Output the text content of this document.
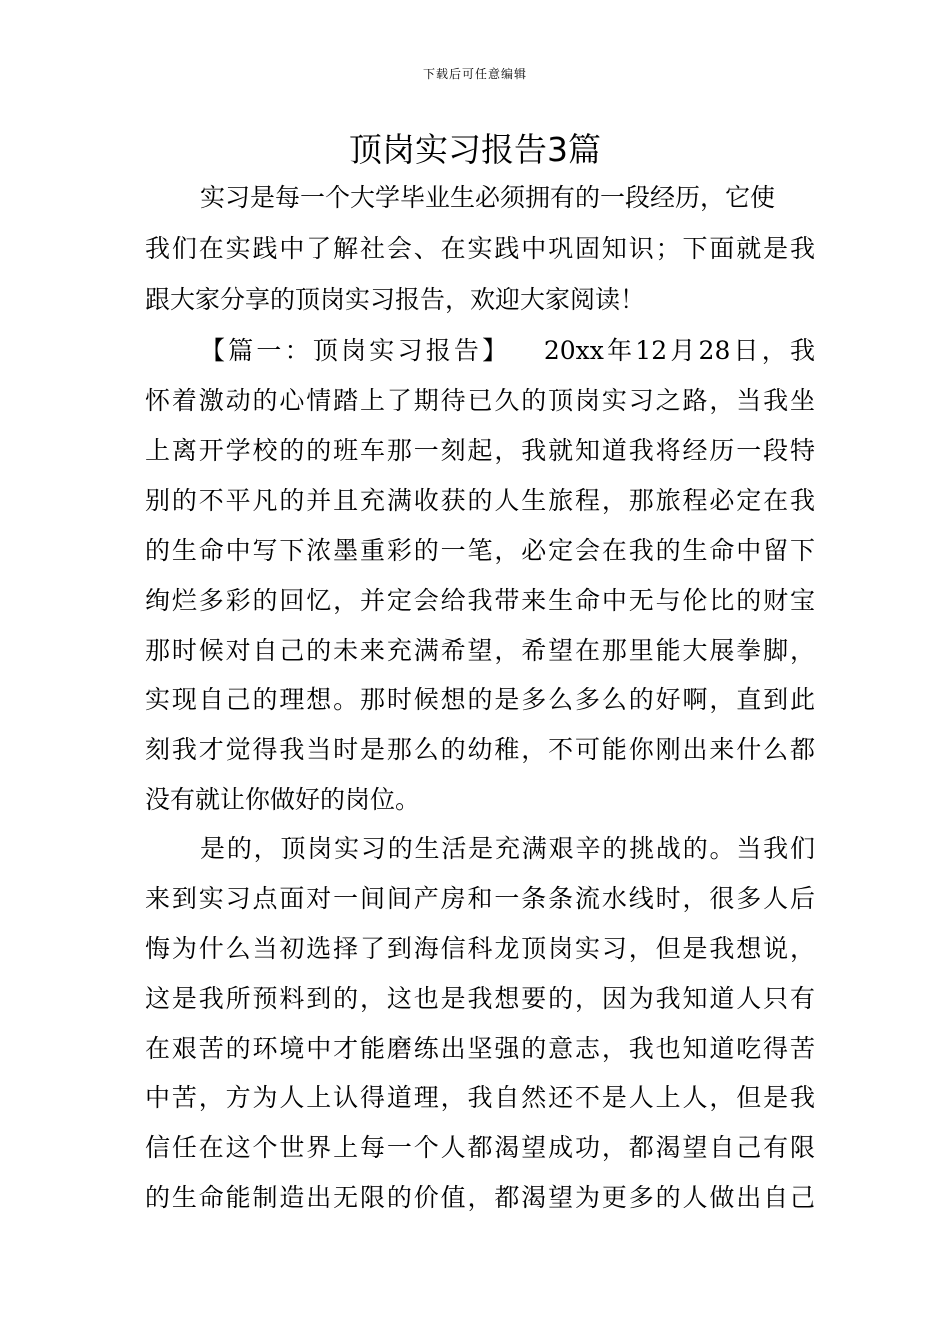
下载后可任意编辑
顶岗实习报告3篇
实习是每一个大学毕业生必须拥有的一段经历，它使
我们在实践中了解社会、在实践中巩固知识；下面就是我
跟大家分享的顶岗实习报告，欢迎大家阅读！
【篇一：顶岗实习报告】   20xx年12月28日，我
怀着激动的心情踏上了期待已久的顶岗实习之路，当我坐
上离开学校的的班车那一刻起，我就知道我将经历一段特
别的不平凡的并且充满收获的人生旅程，那旅程必定在我
的生命中写下浓墨重彩的一笔，必定会在我的生命中留下
绚烂多彩的回忆，并定会给我带来生命中无与伦比的财宝
那时候对自己的未来充满希望，希望在那里能大展拳脚，
实现自己的理想。那时候想的是多么多么的好啊，直到此
刻我才觉得我当时是那么的幼稚，不可能你刚出来什么都
没有就让你做好的岗位。
是的，顶岗实习的生活是充满艰辛的挑战的。当我们
来到实习点面对一间间产房和一条条流水线时，很多人后
悔为什么当初选择了到海信科龙顶岗实习，但是我想说，
这是我所预料到的，这也是我想要的，因为我知道人只有
在艰苦的环境中才能磨练出坚强的意志，我也知道吃得苦
中苦，方为人上认得道理，我自然还不是人上人，但是我
信任在这个世界上每一个人都渴望成功，都渴望自己有限
的生命能制造出无限的价值，都渴望为更多的人做出自己
